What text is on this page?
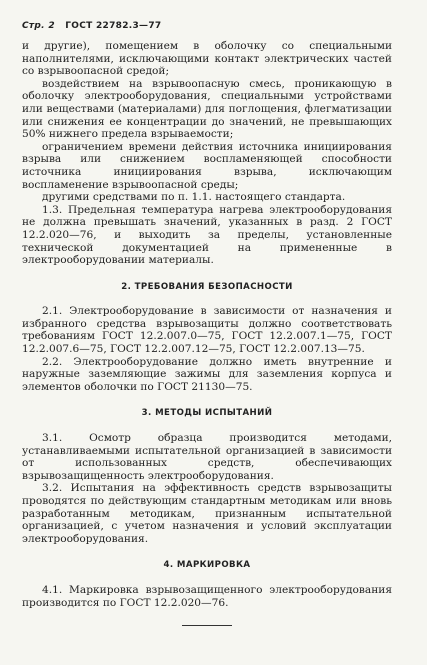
Стр. 2 ГОСТ 22782.3—77

и другие), помещением в оболочку со специальными наполнителями, исключающими контакт электрических частей со взрывоопасной средой;

воздействием на взрывоопасную смесь, проникающую в оболочку электрооборудования, специальными устройствами или веществами (материалами) для поглощения, флегматизации или снижения ее концентрации до значений, не превышающих 50% нижнего предела взрываемости;

ограничением времени действия источника инициирования взрыва или снижением воспламеняющей способности источника инициирования взрыва, исключающим воспламенение взрывоопасной среды;

другими средствами по п. 1.1. настоящего стандарта.

1.3. Предельная температура нагрева электрооборудования не должна превышать значений, указанных в разд. 2 ГОСТ 12.2.020—76, и выходить за пределы, установленные технической документацией на примененные в электрооборудовании материалы.

2. ТРЕБОВАНИЯ БЕЗОПАСНОСТИ

2.1. Электрооборудование в зависимости от назначения и избранного средства взрывозащиты должно соответствовать требованиям ГОСТ 12.2.007.0—75, ГОСТ 12.2.007.1—75, ГОСТ 12.2.007.6—75, ГОСТ 12.2.007.12—75, ГОСТ 12.2.007.13—75.

2.2. Электрооборудование должно иметь внутренние и наружные заземляющие зажимы для заземления корпуса и элементов оболочки по ГОСТ 21130—75.

3. МЕТОДЫ ИСПЫТАНИЙ

3.1. Осмотр образца производится методами, устанавливаемыми испытательной организацией в зависимости от использованных средств, обеспечивающих взрывозащищенность электрооборудования.

3.2. Испытания на эффективность средств взрывозащиты проводятся по действующим стандартным методикам или вновь разработанным методикам, признанным испытательной организацией, с учетом назначения и условий эксплуатации электрооборудования.

4. МАРКИРОВКА

4.1. Маркировка взрывозащищенного электрооборудования производится по ГОСТ 12.2.020—76.
